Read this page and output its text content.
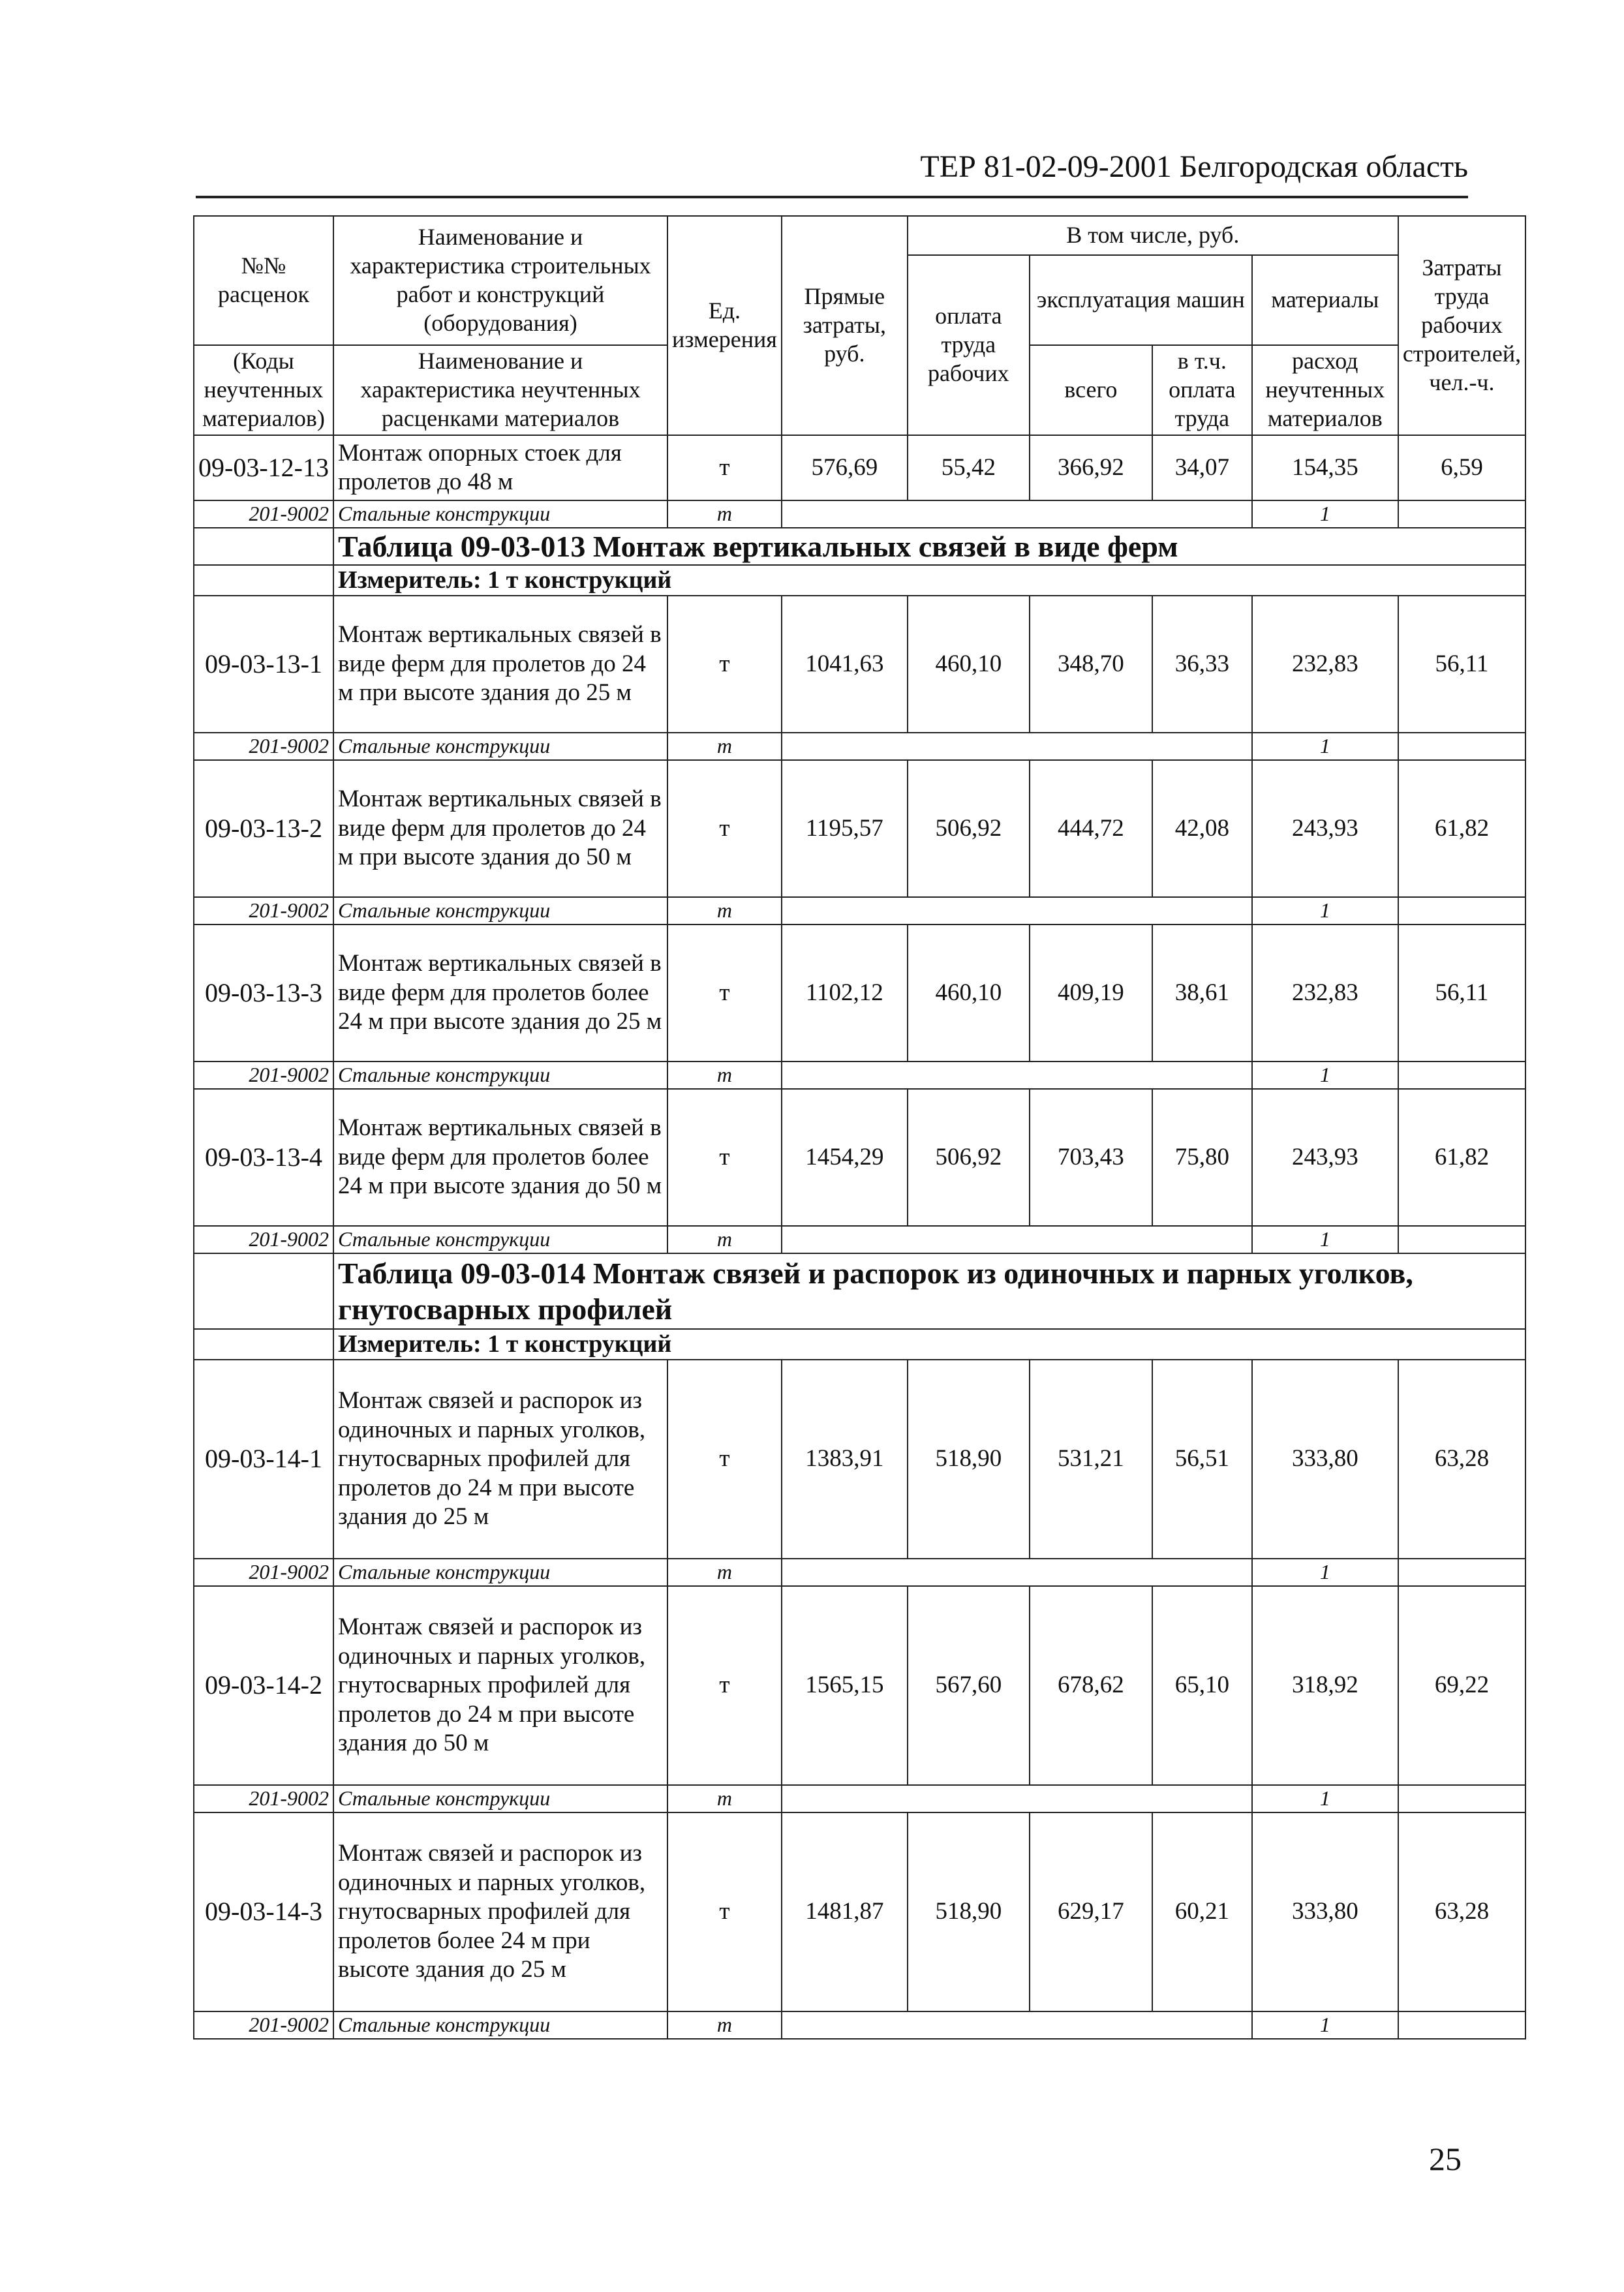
ТЕР 81-02-09-2001 Белгородская область
№№ расценок	Наименование и характеристика строительных работ и конструкций (оборудования)	Ед. измерения	Прямые затраты, руб.	В том числе, руб.				Затраты труда рабочих строителей, чел.-ч.
				оплата труда рабочих	эксплуатация машин		материалы	
(Коды неучтенных материалов)	Наименование и характеристика неучтенных расценками материалов				всего	в т.ч. оплата труда	расход неучтенных материалов	

09-03-12-13	Монтаж опорных стоек для пролетов до 48 м	т	576,69	55,42	366,92	34,07	154,35	6,59
201-9002	Стальные конструкции	т					1	
	Таблица 09-03-013 Монтаж вертикальных связей в виде ферм							
	Измеритель: 1 т конструкций							
09-03-13-1	Монтаж вертикальных связей в виде ферм для пролетов до 24 м при высоте здания до 25 м	т	1041,63	460,10	348,70	36,33	232,83	56,11
201-9002	Стальные конструкции	т					1	
09-03-13-2	Монтаж вертикальных связей в виде ферм для пролетов до 24 м при высоте здания до 50 м	т	1195,57	506,92	444,72	42,08	243,93	61,82
201-9002	Стальные конструкции	т					1	
09-03-13-3	Монтаж вертикальных связей в виде ферм для пролетов более 24 м при высоте здания до 25 м	т	1102,12	460,10	409,19	38,61	232,83	56,11
201-9002	Стальные конструкции	т					1	
09-03-13-4	Монтаж вертикальных связей в виде ферм для пролетов более 24 м при высоте здания до 50 м	т	1454,29	506,92	703,43	75,80	243,93	61,82
201-9002	Стальные конструкции	т					1	
	Таблица 09-03-014 Монтаж связей и распорок из одиночных и парных уголков, гнутосварных профилей							
	Измеритель: 1 т конструкций							
09-03-14-1	Монтаж связей и распорок из одиночных и парных уголков, гнутосварных профилей для пролетов до 24 м при высоте здания до 25 м	т	1383,91	518,90	531,21	56,51	333,80	63,28
201-9002	Стальные конструкции	т					1	
09-03-14-2	Монтаж связей и распорок из одиночных и парных уголков, гнутосварных профилей для пролетов до 24 м при высоте здания до 50 м	т	1565,15	567,60	678,62	65,10	318,92	69,22
201-9002	Стальные конструкции	т					1	
09-03-14-3	Монтаж связей и распорок из одиночных и парных уголков, гнутосварных профилей для пролетов более 24 м при высоте здания до 25 м	т	1481,87	518,90	629,17	60,21	333,80	63,28
201-9002	Стальные конструкции	т					1	
25
